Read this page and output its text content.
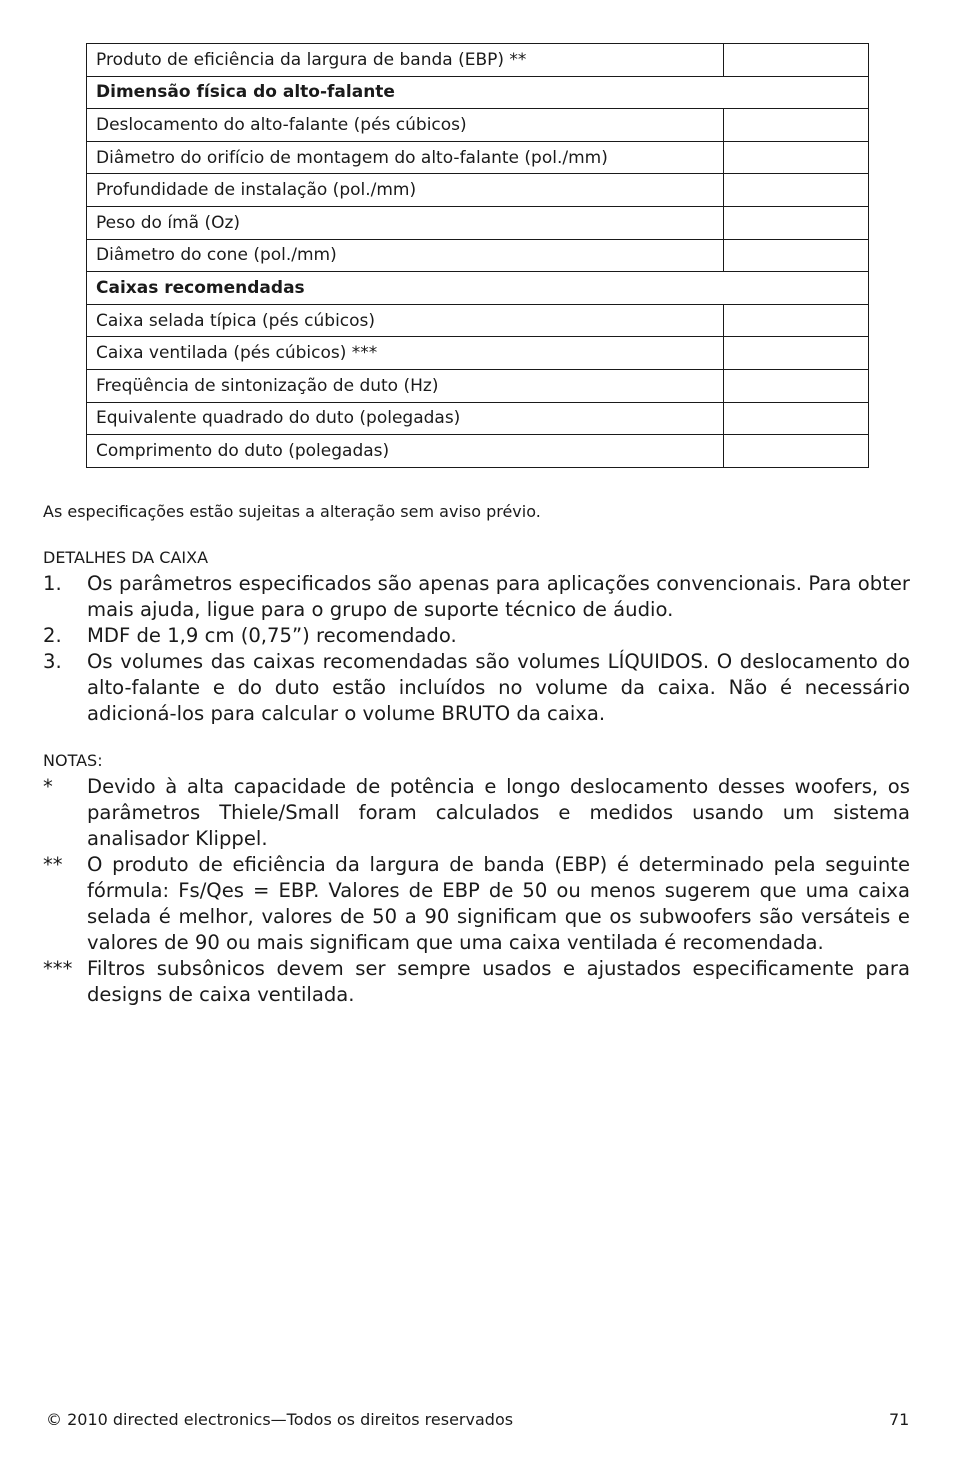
Produto de eficiência da largura de banda (EBP) **	
Dimensão física do alto-falante	
Deslocamento do alto-falante (pés cúbicos)	
Diâmetro do orifício de montagem do alto-falante (pol./mm)	
Profundidade de instalação (pol./mm)	
Peso do ímã (Oz)	
Diâmetro do cone (pol./mm)	
Caixas recomendadas	
Caixa selada típica (pés cúbicos)	
Caixa ventilada (pés cúbicos) ***	
Freqüência de sintonização de duto (Hz)	
Equivalente quadrado do duto (polegadas)	
Comprimento do duto (polegadas)	
As especificações estão sujeitas a alteração sem aviso prévio.
DETALHES DA CAIXA
1.	Os parâmetros especificados são apenas para aplicações convencionais. Para obter mais ajuda, ligue para o grupo de suporte técnico de áudio.
2.	MDF de 1,9 cm (0,75”) recomendado.
3.	Os volumes das caixas recomendadas são volumes LÍQUIDOS. O deslocamento do alto-falante e do duto estão incluídos no volume da caixa. Não é necessário adicioná-los para calcular o volume BRUTO da caixa.
NOTAS:
*	Devido à alta capacidade de potência e longo deslocamento desses woofers, os parâmetros Thiele/Small foram calculados e medidos usando um sistema analisador Klippel.
**	O produto de eficiência da largura de banda (EBP) é determinado pela seguinte fórmula: Fs/Qes = EBP. Valores de EBP de 50 ou menos sugerem que uma caixa selada é melhor, valores de 50 a 90 significam que os subwoofers são versáteis e valores de 90 ou mais significam que uma caixa ventilada é recomendada.
*** Filtros subsônicos devem ser sempre usados e ajustados especificamente para designs de caixa ventilada.
© 2010 directed electronics—Todos os direitos reservados	71
